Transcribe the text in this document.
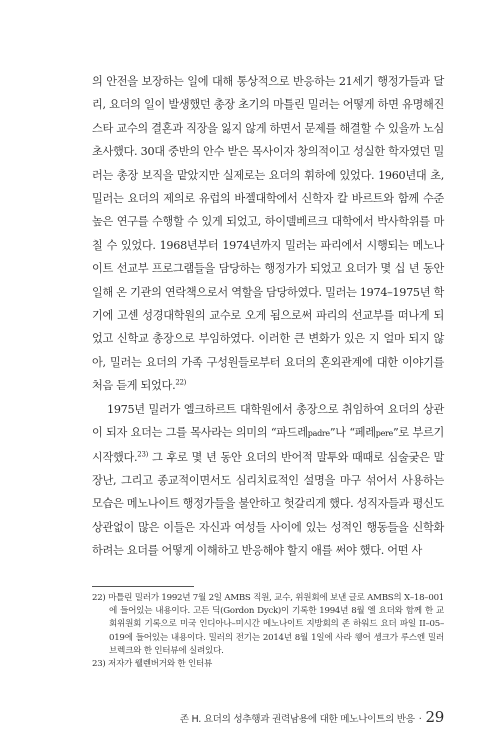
의 안전을 보장하는 일에 대해 통상적으로 반응하는 21세기 행정가들과 달리, 요더의 일이 발생했던 총장 초기의 마틀린 밀러는 어떻게 하면 유명해진 스타 교수의 결혼과 직장을 잃지 않게 하면서 문제를 해결할 수 있을까 노심초사했다. 30대 중반의 안수 받은 목사이자 창의적이고 성실한 학자였던 밀러는 총장 보직을 맡았지만 실제로는 요더의 휘하에 있었다. 1960년대 초, 밀러는 요더의 제의로 유럽의 바젤대학에서 신학자 칼 바르트와 함께 수준 높은 연구를 수행할 수 있게 되었고, 하이델베르크 대학에서 박사학위를 마칠 수 있었다. 1968년부터 1974년까지 밀러는 파리에서 시행되는 메노나이트 선교부 프로그램들을 담당하는 행정가가 되었고 요더가 몇 십 년 동안 일해 온 기관의 연락책으로서 역할을 담당하였다. 밀러는 1974–1975년 학기에 고센 성경대학원의 교수로 오게 됨으로써 파리의 선교부를 떠나게 되었고 신학교 총장으로 부임하였다. 이러한 큰 변화가 있은 지 얼마 되지 않아, 밀러는 요더의 가족 구성원들로부터 요더의 혼외관계에 대한 이야기를 처음 듣게 되었다.$^{22)}$

1975년 밀러가 엘크하르트 대학원에서 총장으로 취임하여 요더의 상관이 되자 요더는 그를 목사라는 의미의 “파드레padre”나 “페레pere”로 부르기 시작했다.$^{23)}$ 그 후로 몇 년 동안 요더의 반어적 말투와 때때로 심술궂은 말장난, 그리고 종교적이면서도 심리치료적인 설명을 마구 섞어서 사용하는 모습은 메노나이트 행정가들을 불안하고 헛갈리게 했다. 성직자들과 평신도 상관없이 많은 이들은 자신과 여성들 사이에 있는 성적인 행동들을 신학화하려는 요더를 어떻게 이해하고 반응해야 할지 애를 써야 했다. 어떤 사

22) 마틀린 밀러가 1992년 7월 2일 AMBS 직원, 교수, 위원회에 보낸 글로 AMBS의 X–18–001에 들어있는 내용이다. 고든 딕(Gordon Dyck)이 기록한 1994년 8월 엘 요더와 함께 한 교회위원회 기록으로 미국 인디아나–미시간 메노나이트 지방회의 존 하워드 요더 파일 II–05–019에 들어있는 내용이다. 밀러의 전기는 2014년 8월 1일에 사라 웽어 셍크가 루스엔 밀러 브렉크와 한 인터뷰에 실려있다.

23) 저자가 웰렌버거와 한 인터뷰

존 H. 요더의 성추행과 권력남용에 대한 메노나이트의 반응 · 29
